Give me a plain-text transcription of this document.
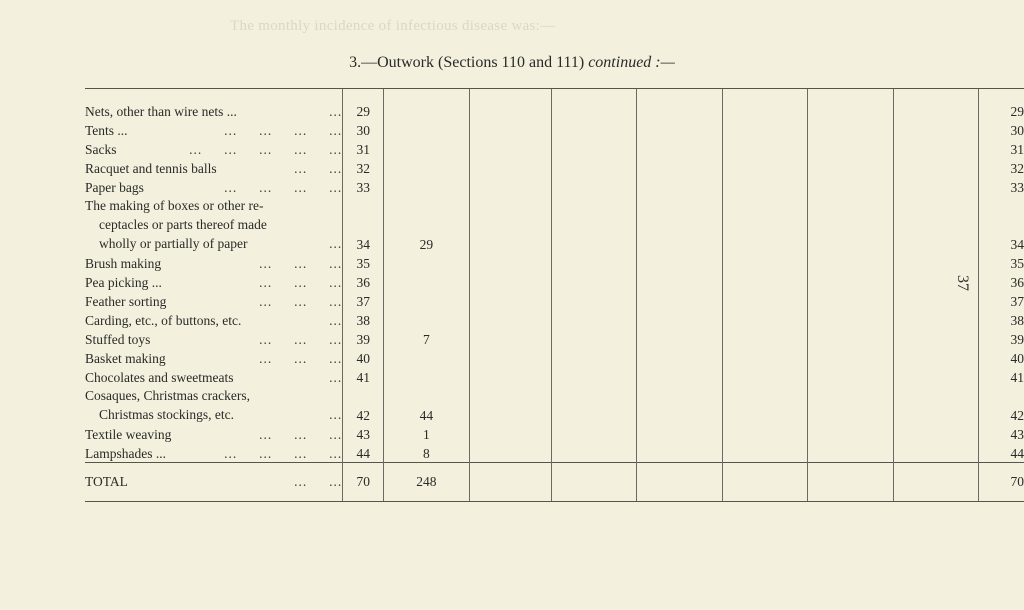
The monthly incidence of infectious disease was:—
3.—Outwork (Sections 110 and 111) continued :—
37

Nets, other than wire nets ... ...	29								29
Tents ... ...     ...     ...     ...	30								30
Sacks ...     ...     ...     ...     ...	31								31
Racquet and tennis balls ...     ...	32								32
Paper bags ...     ...     ...     ...	33								33
The making of boxes or other re-
ceptacles or parts thereof made
wholly or partially of paper ...	34	29							34
Brush making ...     ...     ...	35								35
Pea picking ... ...     ...     ...	36								36
Feather sorting ...     ...     ...	37								37
Carding, etc., of buttons, etc. ...	38								38
Stuffed toys ...     ...     ...	39	7							39
Basket making ...     ...     ...	40								40
Chocolates and sweetmeats ...	41								41
Cosaques, Christmas crackers,
Christmas stockings, etc. ...	42	44							42
Textile weaving ...     ...     ...	43	1							43
Lampshades ... ...     ...     ...     ...	44	8							44
TOTAL ...     ...	70	248							70
